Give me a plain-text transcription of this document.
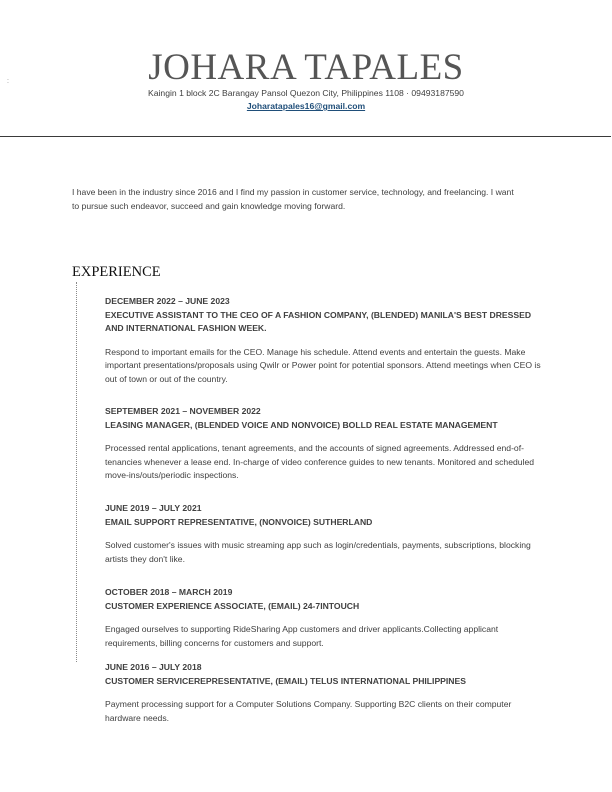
:	JOHARA TAPALES
Kaingin 1 block 2C Barangay Pansol Quezon City, Philippines 1108 · 09493187590
Joharatapales16@gmail.com
I have been in the industry since 2016 and I find my passion in customer service, technology, and freelancing. I want to pursue such endeavor, succeed and gain knowledge moving forward.
EXPERIENCE
DECEMBER 2022 – JUNE 2023
EXECUTIVE ASSISTANT TO THE CEO OF A FASHION COMPANY, (BLENDED) MANILA'S BEST DRESSED AND INTERNATIONAL FASHION WEEK.
Respond to important emails for the CEO. Manage his schedule. Attend events and entertain the guests. Make important presentations/proposals using Qwilr or Power point for potential sponsors. Attend meetings when CEO is out of town or out of the country.
SEPTEMBER 2021 – NOVEMBER 2022
LEASING MANAGER, (BLENDED VOICE AND NONVOICE) BOLLD REAL ESTATE MANAGEMENT
Processed rental applications, tenant agreements, and the accounts of signed agreements. Addressed end-of-tenancies whenever a lease end. In-charge of video conference guides to new tenants. Monitored and scheduled move-ins/outs/periodic inspections.
JUNE 2019 – JULY 2021
EMAIL SUPPORT REPRESENTATIVE, (NONVOICE) SUTHERLAND
Solved customer's issues with music streaming app such as login/credentials, payments, subscriptions, blocking artists they don't like.
OCTOBER 2018 – MARCH 2019
CUSTOMER EXPERIENCE ASSOCIATE, (EMAIL) 24-7INTOUCH
Engaged ourselves to supporting RideSharing App customers and driver applicants.Collecting applicant requirements, billing concerns for customers and support.
JUNE 2016 – JULY 2018
CUSTOMER SERVICEREPRESENTATIVE, (EMAIL) TELUS INTERNATIONAL PHILIPPINES
Payment processing support for a Computer Solutions Company. Supporting B2C clients on their computer hardware needs.
